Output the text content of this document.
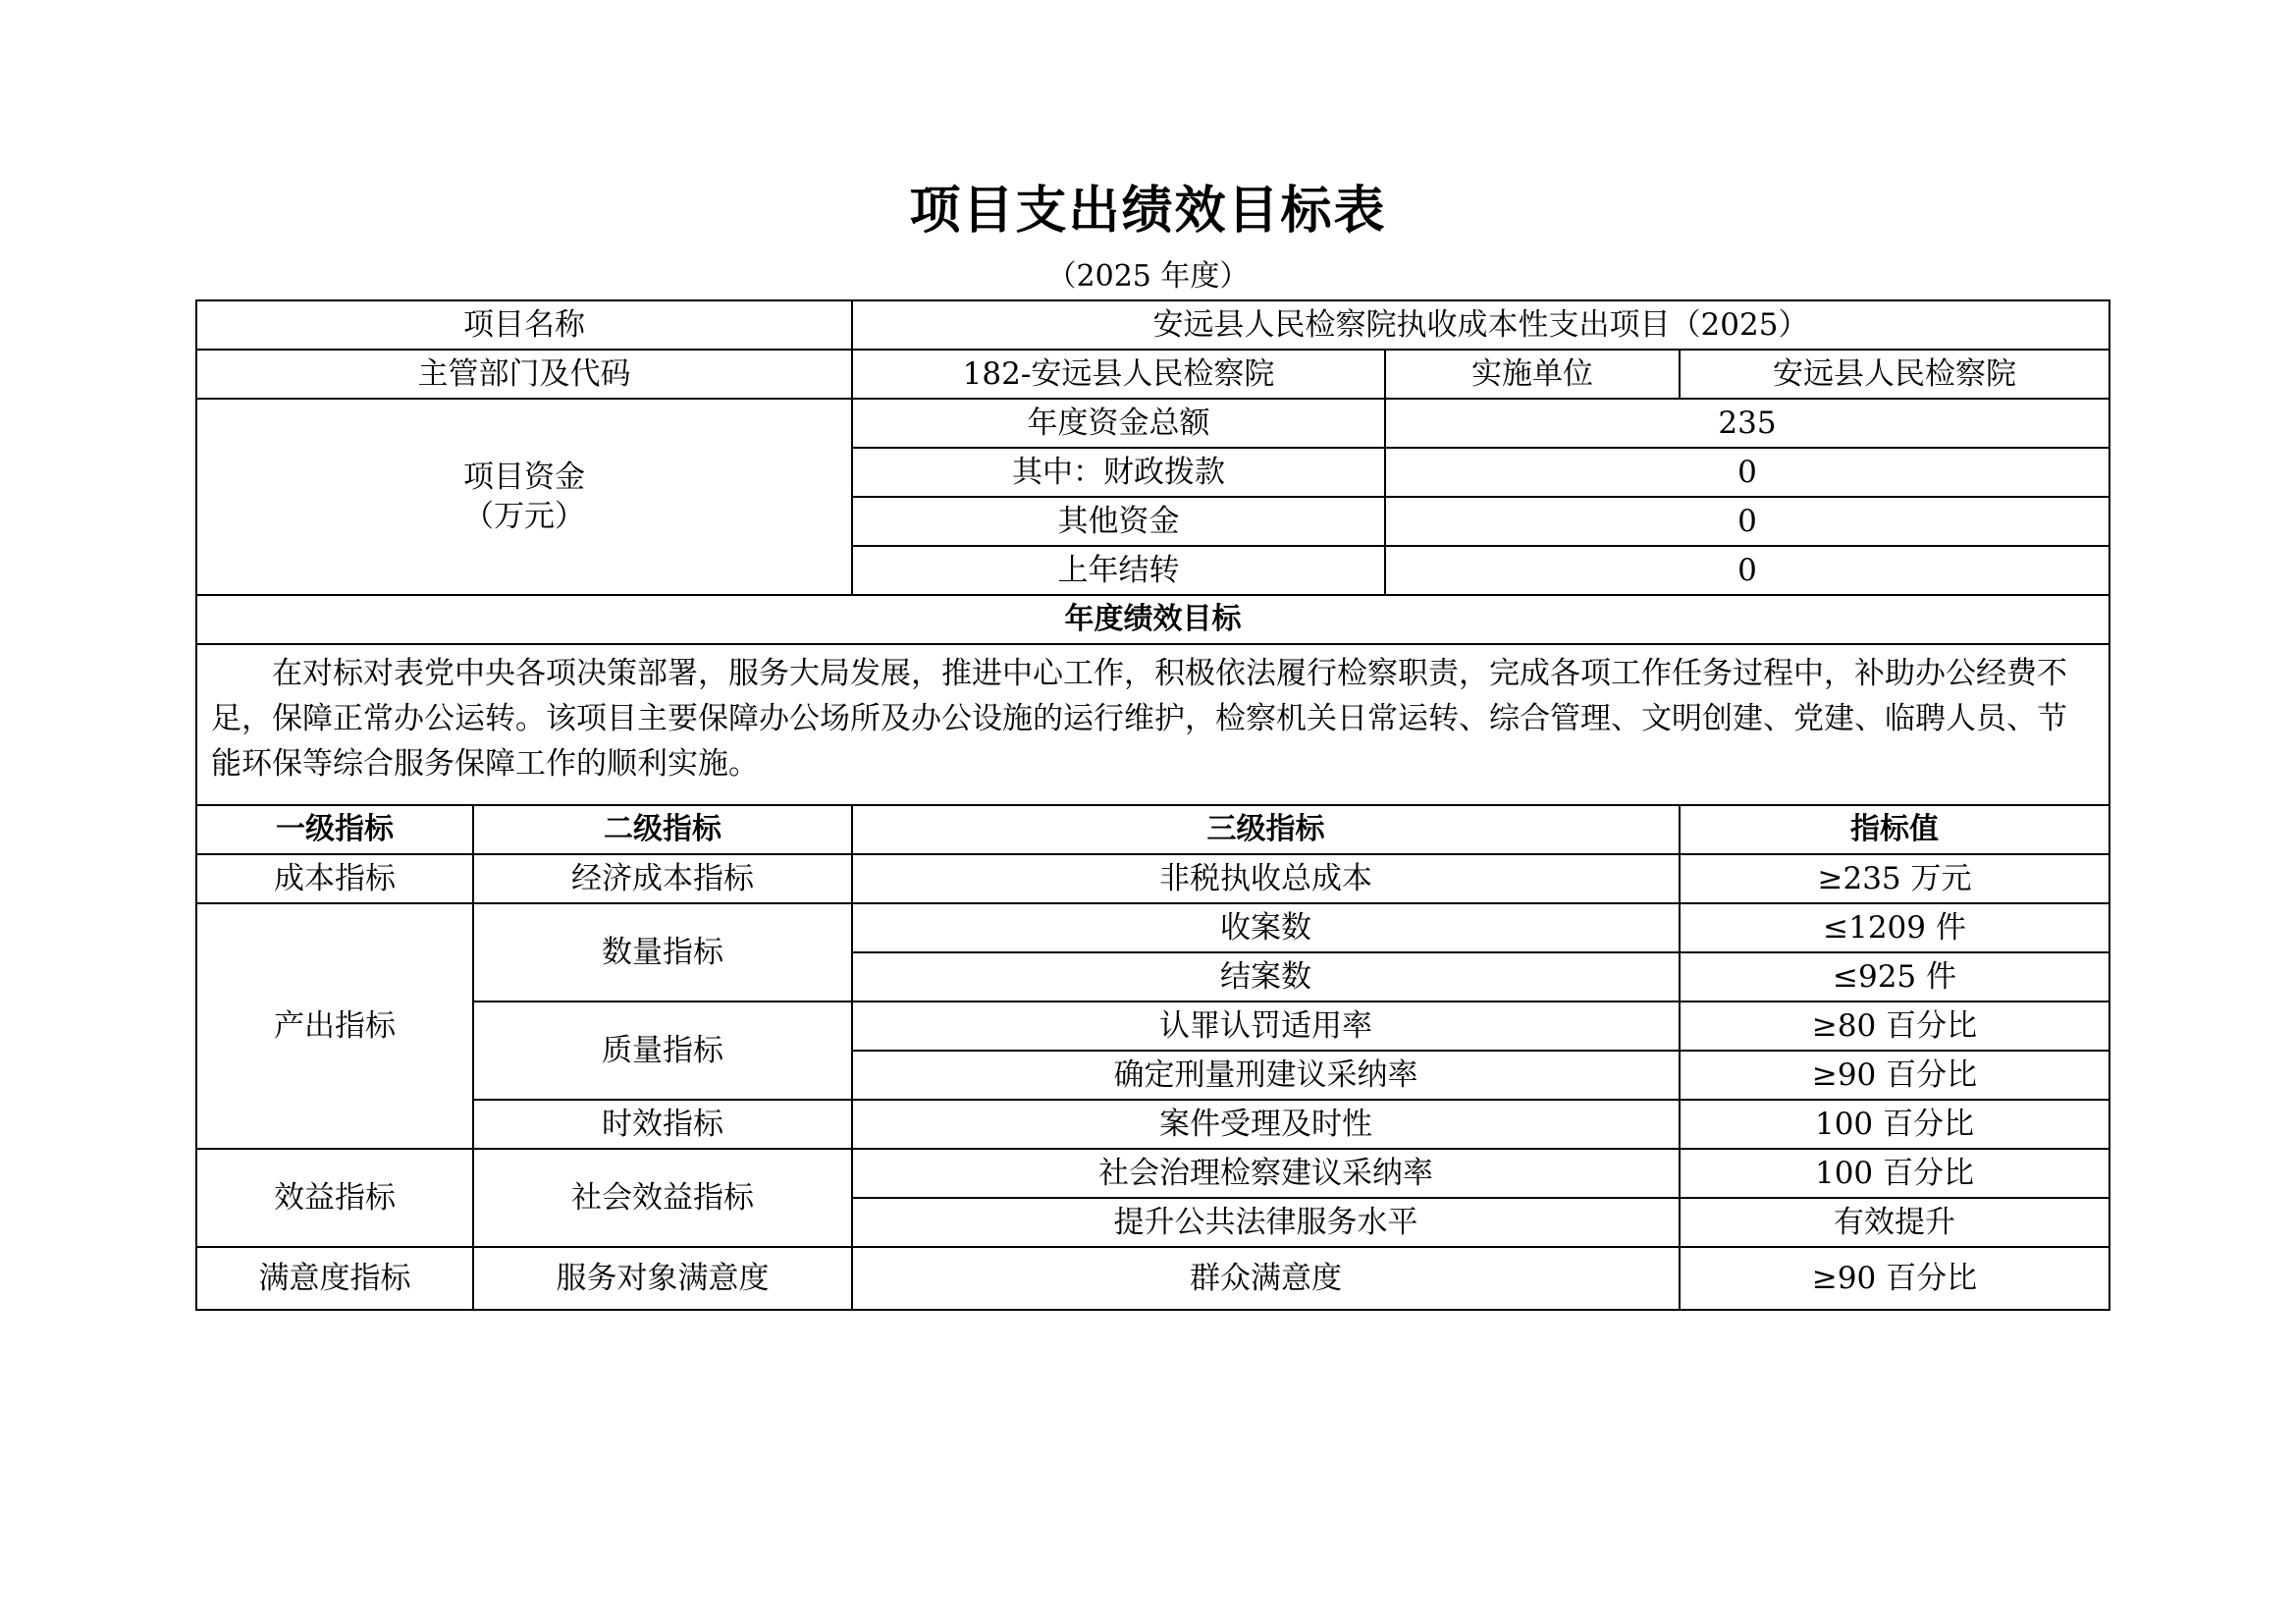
项目支出绩效目标表
（2025 年度）
项目名称		安远县人民检察院执收成本性支出项目（2025）		
主管部门及代码		182-安远县人民检察院	实施单位	安远县人民检察院

项目资金
（万元）		年度资金总额	235	
		其中：财政拨款	0	
		其他资金	0	
		上年结转	0	
年度绩效目标				
在对标对表党中央各项决策部署，服务大局发展，推进中心工作，积极依法履行检察职责，完成各项工作任务过程中，补助办公经费不足，保障正常办公运转。该项目主要保障办公场所及办公设施的运行维护，检察机关日常运转、综合管理、文明创建、党建、临聘人员、节能环保等综合服务保障工作的顺利实施。				
一级指标	二级指标	三级指标		指标值
成本指标	经济成本指标	非税执收总成本		≥235 万元
产出指标	数量指标	收案数		≤1209 件
		结案数		≤925 件
	质量指标	认罪认罚适用率		≥80 百分比
		确定刑量刑建议采纳率		≥90 百分比
	时效指标	案件受理及时性		100 百分比
效益指标	社会效益指标	社会治理检察建议采纳率		100 百分比
		提升公共法律服务水平		有效提升
满意度指标	服务对象满意度	群众满意度		≥90 百分比
